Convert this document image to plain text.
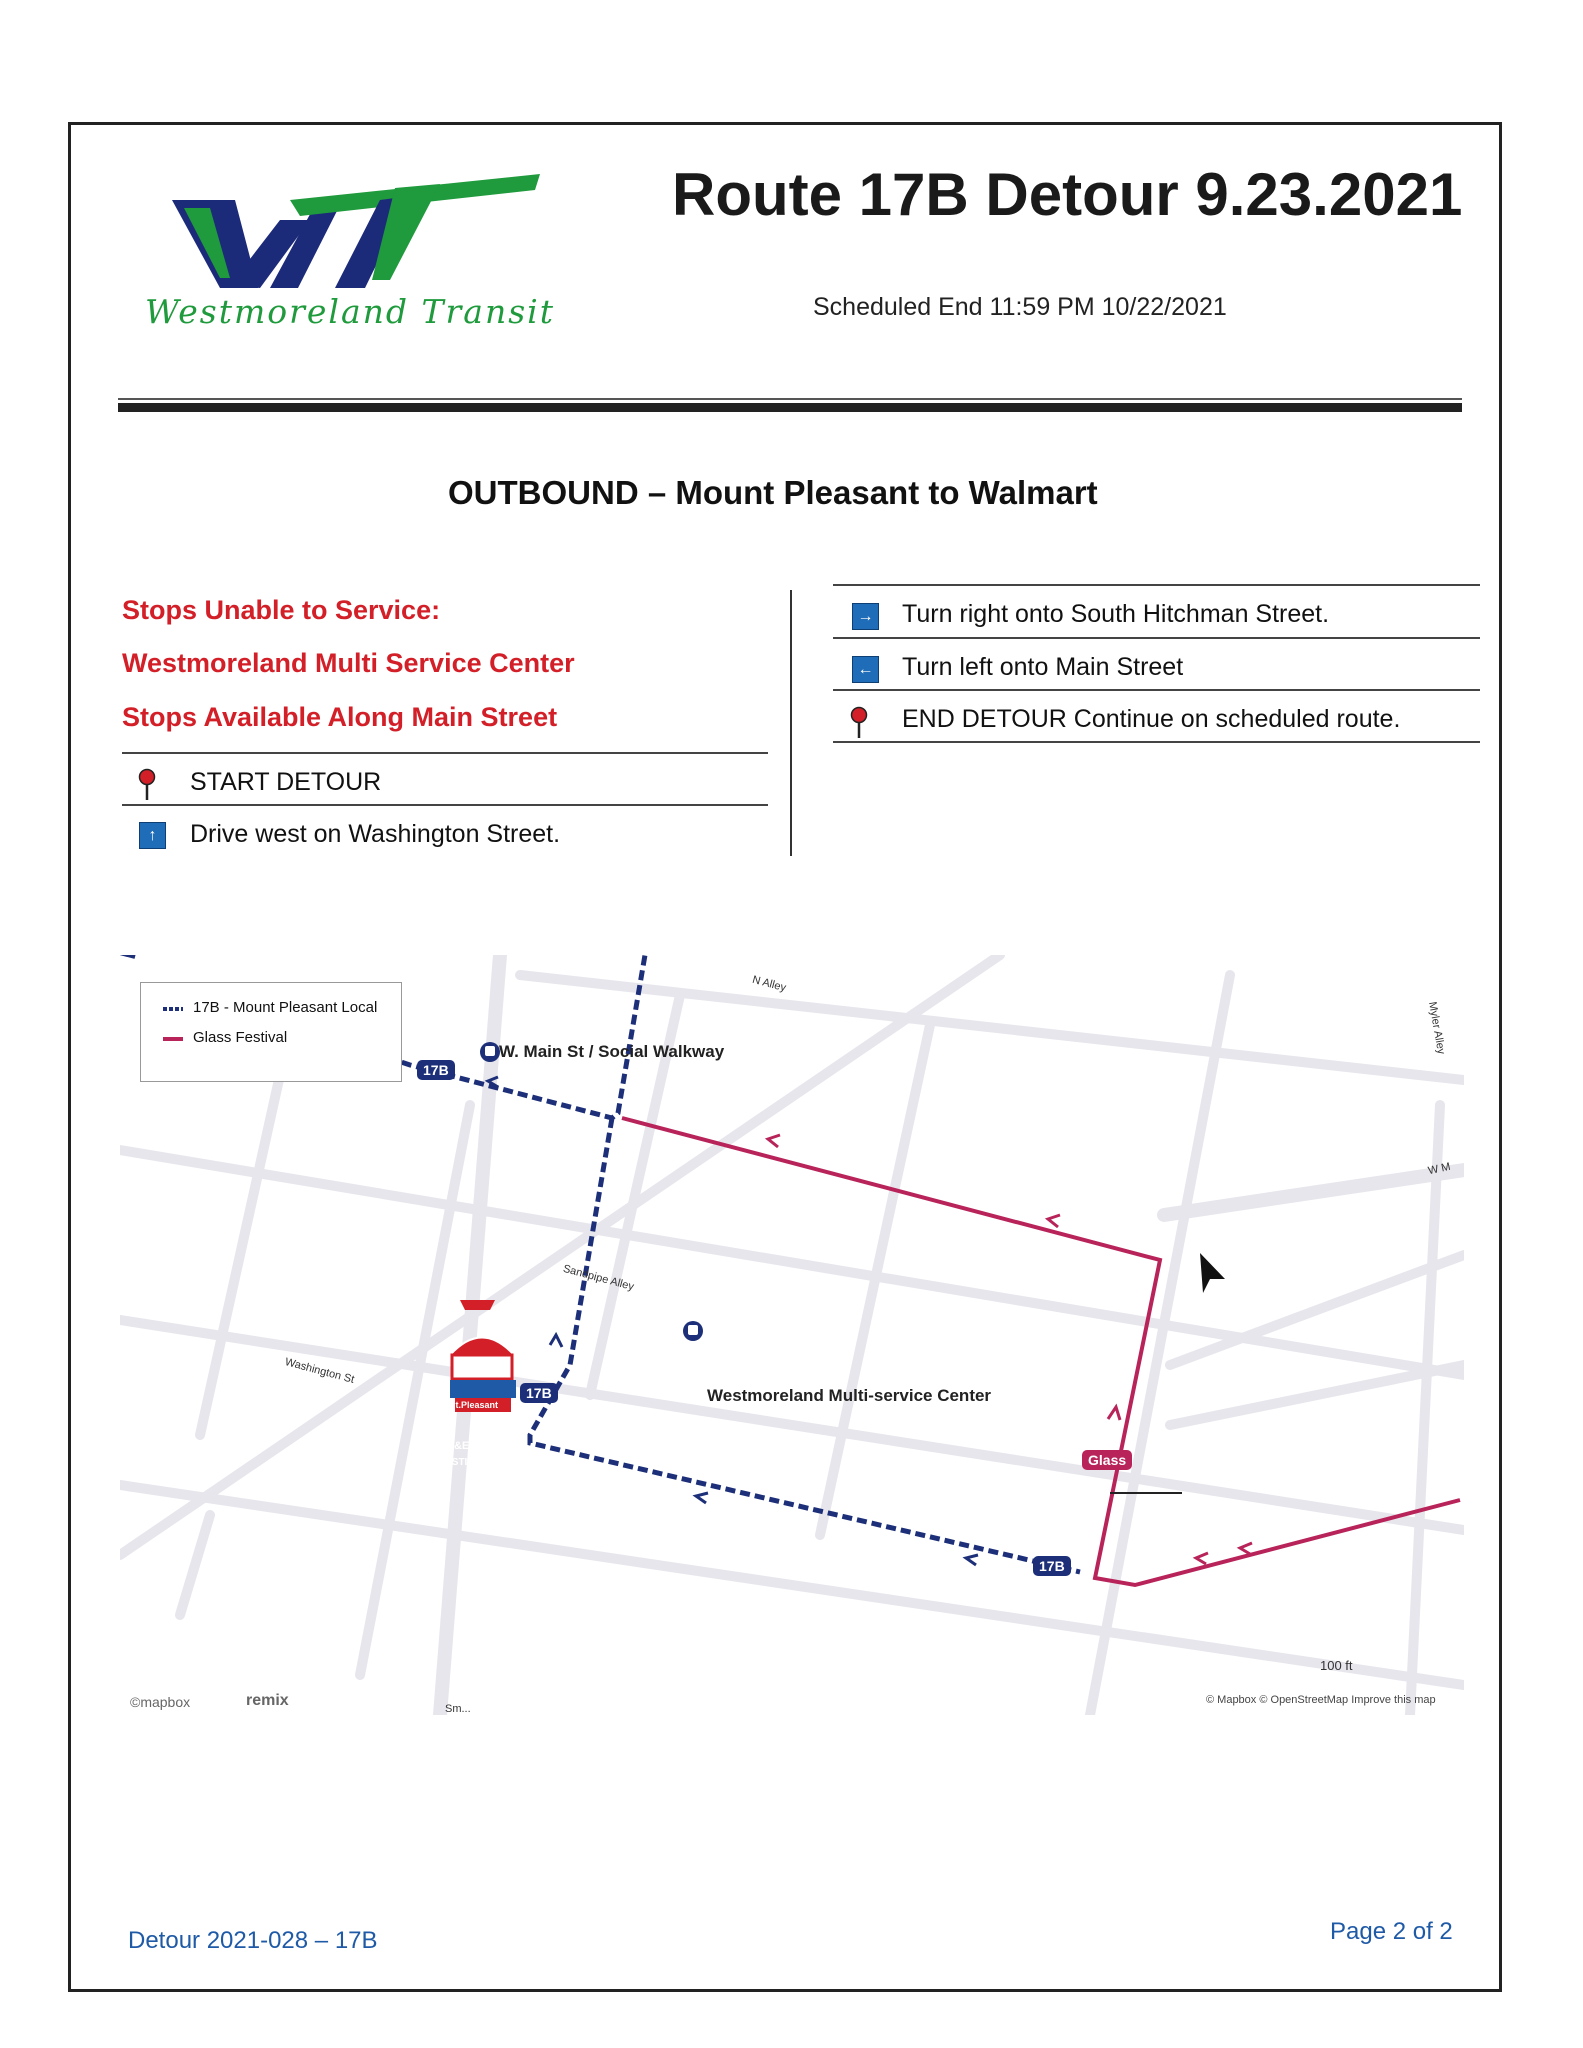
Westmoreland Transit
Route 17B Detour 9.23.2021
Scheduled End 11:59 PM 10/22/2021
OUTBOUND – Mount Pleasant to Walmart
Stops Unable to Service:
Westmoreland Multi Service Center
Stops Available Along Main Street
START DETOUR
↑	Drive west on Washington Street.
→ Turn right onto South Hitchman Street.
← Turn left onto Main Street
END DETOUR Continue on scheduled route.
17B - Mount Pleasant Local
Glass Festival
W. Main St / Social Walkway
Westmoreland Multi-service Center
17B
17B
17B
Glass
N Alley
Myler Alley
W M
Sandpipe Alley
Washington St
Sm...
100 ft
©mapbox	remix	© Mapbox © OpenStreetMap Improve this map
Mt.Pleasant
Glass&Ethnic
FESTIVAL
Detour 2021-028 – 17B	Page 2 of 2
